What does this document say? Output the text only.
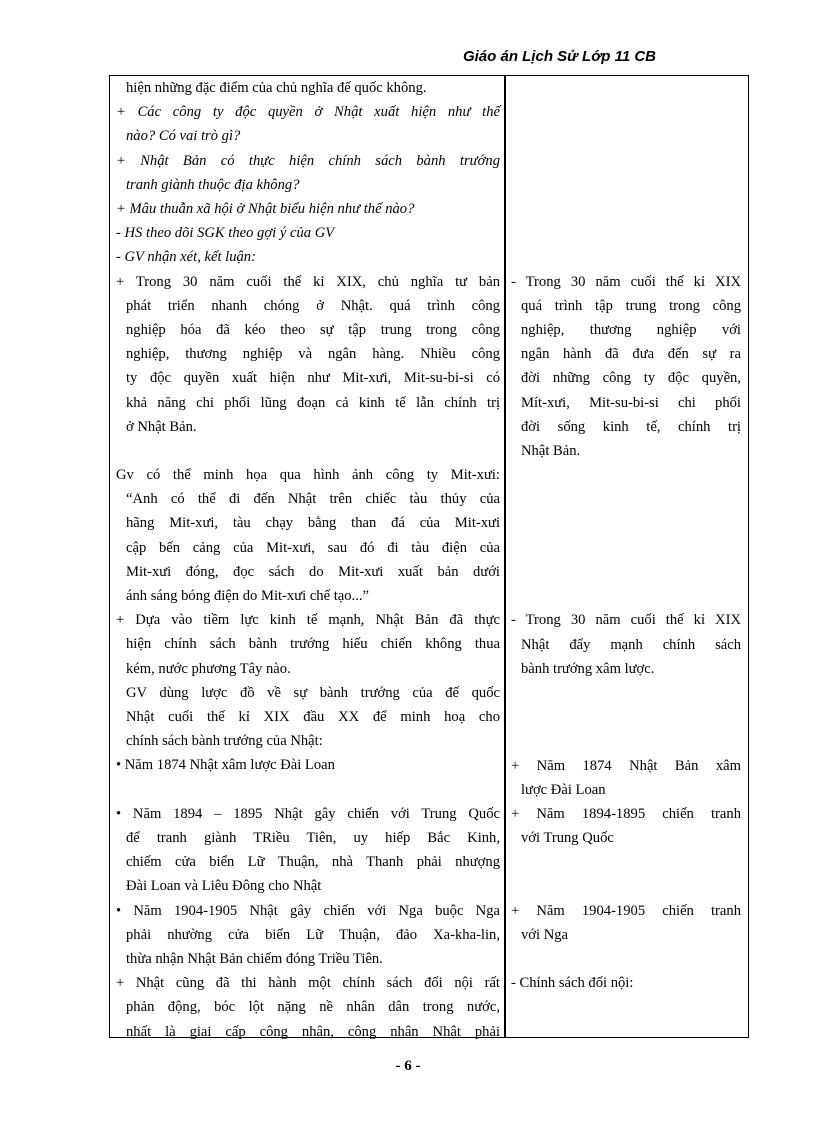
Giáo án Lịch Sử Lớp 11 CB
hiện những đặc điểm của chủ nghĩa đế quốc không.
+ Các công ty độc quyền ở Nhật xuất hiện như thế
nào? Có vai trò gì?
+ Nhật Bản có thực hiện chính sách bành trướng
tranh giành thuộc địa không?
+ Mâu thuẫn xã hội ở Nhật biểu hiện như thế nào?
- HS theo dõi SGK theo gợi ý của GV
- GV nhận xét, kết luận:
+ Trong 30 năm cuối thế kỉ XIX, chủ nghĩa tư bản
phát triển nhanh chóng ở Nhật. quá trình công
nghiệp hóa đã kéo theo sự tập trung trong công
nghiệp, thương nghiệp và ngân hàng. Nhiều công
ty độc quyền xuất hiện như Mit-xưi, Mit-su-bi-si có
khả năng chi phối lũng đoạn cả kinh tế lẫn chính trị
ở Nhật Bản.
Gv có thể minh họa qua hình ảnh công ty Mit-xưi:
“Anh có thể đi đến Nhật trên chiếc tàu thủy của
hãng Mit-xưi, tàu chạy bằng than đá của Mit-xưi
cập bến cảng của Mit-xưi, sau đó đi tàu điện của
Mit-xưi đóng, đọc sách do Mit-xưi xuất bản dưới
ánh sáng bóng điện do Mit-xưi chế tạo...”
+ Dựa vào tiềm lực kinh tế mạnh, Nhật Bản đã thực
hiện chính sách bành trướng hiếu chiến không thua
kém, nước phương Tây nào.
GV dùng lược đồ về sự bành trướng của đế quốc
Nhật cuối thế kỉ XIX đầu XX để minh hoạ cho
chính sách bành trướng của Nhật:
• Năm 1874 Nhật xâm lược Đài Loan
• Năm 1894 – 1895 Nhật gây chiến với Trung Quốc
để tranh giành TRiều Tiên, uy hiếp Bắc Kinh,
chiếm cửa biển Lữ Thuận, nhà Thanh phải nhượng
Đài Loan và Liêu Đông cho Nhật
• Năm 1904-1905 Nhật gây chiến với Nga buộc Nga
phải nhường cửa biển Lữ Thuận, đảo Xa-kha-lin,
thừa nhận Nhật Bản chiếm đóng Triều Tiên.
+ Nhật cũng đã thi hành một chính sách đối nội rất
phản động, bóc lột nặng nề nhân dân trong nước,
nhất là giai cấp công nhân, công nhân Nhật phải
- Trong 30 năm cuối thế kỉ XIX
quá trình tập trung trong công
nghiệp, thương nghiệp với
ngân hành đã đưa đến sự ra
đời những công ty độc quyền,
Mít-xưi, Mit-su-bi-si chi phối
đời sống kinh tế, chính trị
Nhật Bản.
- Trong 30 năm cuối thế kỉ XIX
Nhật đẩy mạnh chính sách
bành trướng xâm lược.
+ Năm 1874 Nhật Bản xâm
lược Đài Loan
+ Năm 1894-1895 chiến tranh
với Trung Quốc
+ Năm 1904-1905 chiến tranh
với Nga
- Chính sách đối nội:
- 6 -
